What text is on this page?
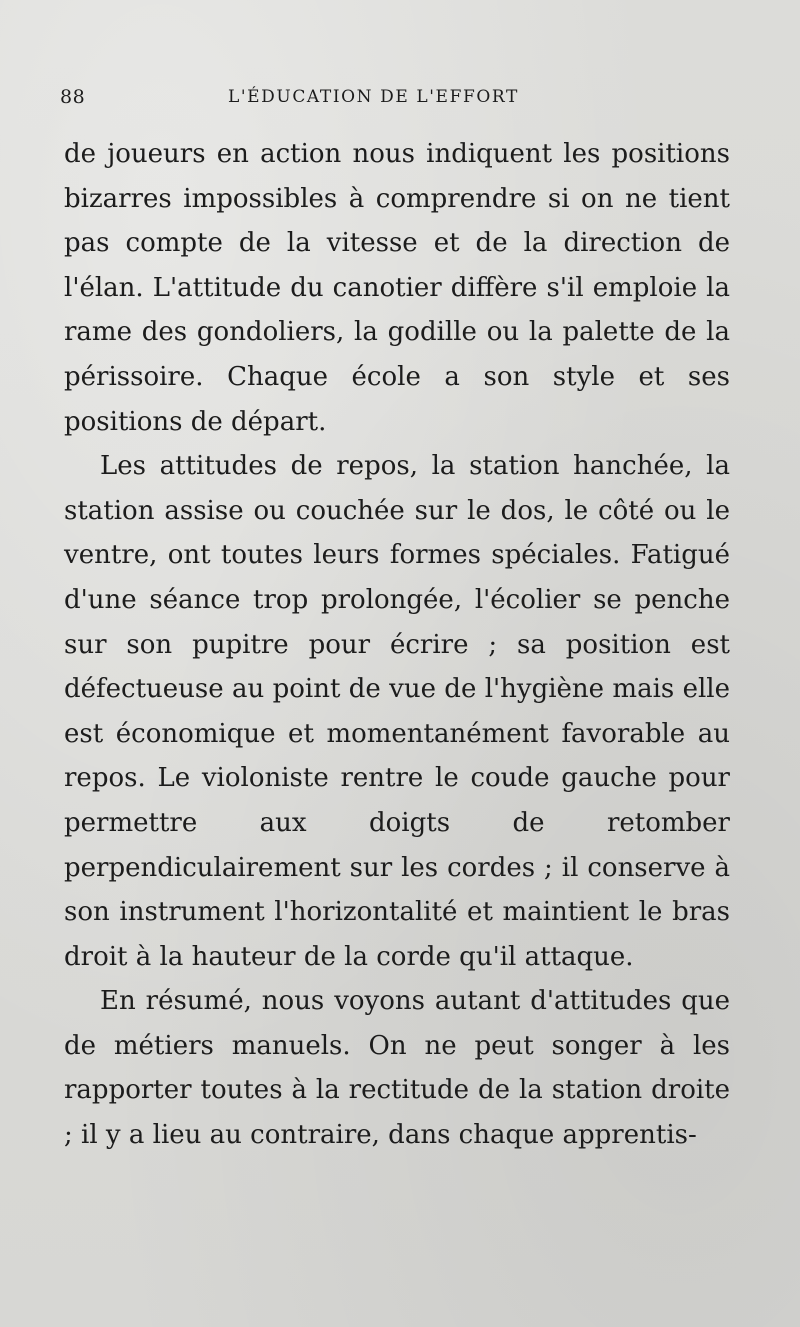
88	L'ÉDUCATION DE L'EFFORT

de joueurs en action nous indiquent les positions bizarres impossibles à comprendre si on ne tient pas compte de la vitesse et de la direction de l'élan. L'attitude du canotier diffère s'il emploie la rame des gondoliers, la godille ou la palette de la périssoire. Chaque école a son style et ses positions de départ.

Les attitudes de repos, la station hanchée, la station assise ou couchée sur le dos, le côté ou le ventre, ont toutes leurs formes spéciales. Fatigué d'une séance trop prolongée, l'écolier se penche sur son pupitre pour écrire ; sa position est défectueuse au point de vue de l'hygiène mais elle est économique et momentanément favorable au repos. Le violoniste rentre le coude gauche pour permettre aux doigts de retomber perpendiculairement sur les cordes ; il conserve à son instrument l'horizontalité et maintient le bras droit à la hauteur de la corde qu'il attaque.

En résumé, nous voyons autant d'attitudes que de métiers manuels. On ne peut songer à les rapporter toutes à la rectitude de la station droite ; il y a lieu au contraire, dans chaque apprentis-
